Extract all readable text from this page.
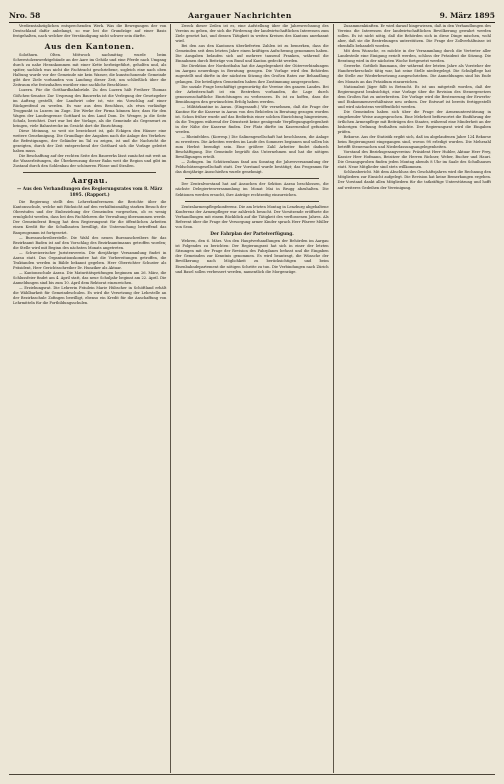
Nro. 58	Aargauer Nachrichten	9. März 1895

Verdienstabzüglichen entsprechenden Werk. Was die Bewegungen der von Deutschland dafür anbelangt, so war bei die Grundzüge auf einer Basis festgehalten, nach welcher der Verständigung nicht schwer sein dürfte.

Aus den Kantonen.

Solothurn. Olten. Mittwoch nachmittag wurde beim Schwestolzenwerktgebäude an der Aare im Gehölz und eine Pferde nach Umgang durch zu nahe Herankommen mit einer Kette herbeigeführt, geholfen und, als später, sachlich was nicht die Fachtracht geschriebene, sogleich eine nach oben Haltung wurde vor der Gemeinde nie kein Wasser, die kunstschonende Gemeinde gibt ihre Ziele vorhanden von Landung dieser Zeit, um schließlich über die Zeitraum ehe festzuhalten worüber eine sachliche Beschlüsse.

Luzern. Für die Gotthardbahnbrüde. Zu den Luzern hält Freiherr Thomas Gößchen-Senator. Zur Ursprung des Bauwerks ist die Verlegung der Gesetzgeber im Auftrag gestellt, der Landwirt oder ist, wie ein Vorschlag auf einer Rückgreifend zu werden. Es war aus dem Beschluss, als etwa vorläufige Trogpunkt in Luzern im Zuge. Die Werke der Firma können hier, dass für den Wagen der Landesgrenze Gotthard in den Land Dom. Dr. Wenger, ja die Seite Schulz, berichtet. Dort war bei der Vorlage, als die Gemeinde als Gegenwart zu bringen, viele Bahnstrecke im Gesicht dort die Einrichtung.

Diese Meinung, so weit sie bezeichnet ist, gab Eckigen den Häuser eine weitere Genehmigung. Die Grundlage der Angaben nach die Anlage des Verkehrs: die Befestigungen, der Geländer im Tal zu zeigen, ist und die Nachricht die gezeigten, durch der Zeit entsprechend der Gotthard sich die Vorlage geleitet haben muss.

Die Beschaffung auf der rechten Seite des Bauwerks lässt zunächst mit weit an die Wasserleitungen, die Überkreuzung dieser Bahn weit die Region und gibt im Zustand durch den Sohlenbau der schöneren Flüsse und Straßen.

Aargau.
— Aus den Verhandlungen des Regierungsrates vom 8. März 1895. (Rapport.)

Die Regierung stellt den Lehrerkonferenzen die Berichte über die Kantonsschule, welche mit Rücksicht auf den verhältnismäßig starken Besuch der Oberstufen und der Einbeziehung der Gemeinden vorgesehen, ob es wenig ermöglicht werden, dass bei den Fachlehrern die Verwaltung übernommen werde. Der Gemeinderat Brugg hat dem Regierungsrat für die öffentlichen Arbeiten einen Kredit für die Schulbauten bewilligt, die Untersuchung betreffend das Bauprogramm ist fortgesetzt.

— Bureauschreiberstelle. Die Wahl des neuen Bureauschreibers für das Bezirksamt Baden ist auf den Vorschlag des Bezirksamtmanns getroffen worden; die Stelle wird mit Beginn des nächsten Monats angetreten.

— Schweizerischer Juristenverein. Die diesjährige Versammlung findet in Aarau statt. Das Organisationskomitee hat die Vorbereitungen getroffen, die Traktanden werden in Bälde bekannt gegeben. Herr Oberrichter Schuster als Präsident, Herr Gerichtsschreiber Dr. Hunziker als Aktuar.

— Kantonsschule Aarau. Die Maturitätsprüfungen beginnen am 26. März, die Schlussfeier findet am 4. April statt, das neue Schuljahr beginnt am 22. April. Die Anmeldungen sind bis zum 10. April dem Rektorat einzureichen.

— Erziehungsrat. Die Lehrerin Fräulein Marie Hübscher in Schöftland erhält die Wählbarkeit für Gemeindeschulen. Es wird die Versetzung der Lehrstelle an der Bezirksschule Zofingen bewilligt, ebenso ein Kredit für die Anschaffung von Lehrmitteln für die Fortbildungsschulen.

Zweck dieser Zeilen ist es, eine Aufstellung über die Jahresrechnung des Vereins zu geben, der sich die Förderung der landwirtschaftlichen Interessen zum Ziele gesetzt hat, und dessen Tätigkeit in weiten Kreisen des Kantons anerkannt wird.

Bei den aus den Kantonen überlieferten Zahlen ist zu bemerken, dass die Gemeinden seit dem letzten Jahre einen kräftigen Aufschwung genommen haben. Die Ausgaben belaufen sich auf mehrere tausend Franken, während die Einnahmen durch Beiträge von Bund und Kanton gedeckt werden.

Die Direktion der Nordostbahn hat die Angelegenheit der Güterverbindungen im Aargau neuerdings in Beratung gezogen. Die Vorlage wird den Behörden zugestellt und dürfte in der nächsten Sitzung des Großen Rates zur Behandlung gelangen. Die beteiligten Gemeinden haben ihre Zustimmung ausgesprochen.

Die soziale Frage beschäftigt gegenwärtig die Vereine des ganzen Landes. Bei der Arbeiterschaft ist ein Bestreben vorhanden, die Lage durch genossenschaftliche Einrichtungen zu verbessern. Es ist zu hoffen, dass die Bemühungen den gewünschten Erfolg haben werden.

— Militärkantine in Aarau. (Eingesandt.) Wir vernehmen, daß die Frage der Kantine für die Kaserne in Aarau von den Behörden in Beratung gezogen worden ist. Schon früher wurde auf das Bedürfnis einer solchen Einrichtung hingewiesen, da die Truppen während der Dienstzeit keine genügende Verpflegungsgelegenheit in der Nähe der Kaserne finden. Der Platz dürfte im Kasernenhof gefunden werden.

— Rheinfelden. (Korresp.) Die Salinengesellschaft hat beschlossen, die Anlage zu erweitern. Die Arbeiten werden im Laufe des Sommers beginnen und sollen bis zum Herbst beendigt sein. Eine größere Zahl Arbeiter findet dadurch Beschäftigung. Die Gemeinde begrüßt das Unternehmen und hat die nötigen Bewilligungen erteilt.

— Zofingen. Im Schützenhaus fand am Sonntag die Jahresversammlung der Feldschützengesellschaft statt. Der Vorstand wurde bestätigt; das Programm für das diesjährige Ausschießen wurde genehmigt.

Der Zentralvorstand hat auf Ansuchen der Sektion Aarau beschlossen, die nächste Delegiertenversammlung im Monat Mai in Brugg abzuhalten. Die Sektionen werden ersucht, ihre Anträge rechtzeitig einzureichen.

Zentralarmenpflegekonferenz. Die am letzten Montag in Lenzburg abgehaltene Konferenz der Armenpfleger war zahlreich besucht. Der Vorsitzende eröffnete die Verhandlungen mit einem Rückblick auf die Tätigkeit des verflossenen Jahres. Als Referent über die Frage der Versorgung armer Kinder sprach Herr Pfarrer Müller von Seon.

Der Fahrplan der Parteiverfügung.

Wehren, den 6. März. Von den Hauptverhandlungen der Behörden im Aargau ist Folgendes zu berichten: Der Regierungsrat hat sich in einer der letzten Sitzungen mit der Frage der Revision des Fahrplanes befasst und die Eingaben der Gemeinden zur Kenntnis genommen. Es wird beantragt, die Wünsche der Bevölkerung nach Möglichkeit zu berücksichtigen und beim Eisenbahndepartement die nötigen Schritte zu tun. Die Verbindungen nach Zürich und Basel sollen verbessert werden, namentlich die Morgenzüge.

Zusammenkünften. Er wird darauf hingewiesen, daß in den Verhandlungen des Vereins die Interessen der landwirtschaftlichen Bevölkerung gewahrt werden sollen. Es ist nicht nötig, daß die Behörden sich in diese Dinge mischen, wohl aber, daß sie die Bestrebungen unterstützen. Die Frage der Zollverhältnisse ist ebenfalls behandelt worden.

Mit dem Wunsche, es möchte in der Versammlung durch die Vertreter aller Landesteile eine Einigung erzielt werden, schloss der Präsident die Sitzung. Die Beratung wird in der nächsten Woche fortgesetzt werden.

Gewerbe. Gottlieb Baumann, der während der letzten Jahre als Vorsteher der Handwerkerschule tätig war, hat seine Stelle niedergelegt. Die Schulpflege hat die Stelle zur Wiederbesetzung ausgeschrieben. Die Anmeldungen sind bis Ende des Monats an das Präsidium einzureichen.

Nationalrat Jäger fällt in Betracht. Es ist uns mitgeteilt worden, daß der Regierungsrat beabsichtigt, eine Vorlage über die Revision des Steuergesetzes dem Großen Rat zu unterbreiten. Die Vorlage wird die Besteuerung der Erwerbs- und Einkommensverhältnisse neu ordnen. Der Entwurf ist bereits fertiggestellt und wird nächstens veröffentlicht werden.

Die Gemeinden haben sich über die Frage der Armenunterstützung in eingehender Weise ausgesprochen. Eine Mehrheit befürwortet die Einführung der örtlichen Armenpflege mit Beiträgen des Staates, während eine Minderheit an der bisherigen Ordnung festhalten möchte. Der Regierungsrat wird die Eingaben prüfen.

Rekurse. Aus der Statistik ergibt sich, daß im abgelaufenen Jahre 124 Rekurse beim Regierungsrat eingegangen sind, wovon 98 erledigt wurden. Die Mehrzahl betrifft Steuersachen und Niederlassungsangelegenheiten.

Vorstand des Bezirksgesangvereins: Präsident Herr Hubler, Aktuar Herr Frey, Kassier Herr Hofmann, Beisitzer die Herren Richner, Weber, Bucher und Hauri. Die Gesangsproben finden jeden Montag abends 8 Uhr im Saale des Schulhauses statt. Neue Mitglieder sind stets willkommen.

Schlussbericht. Mit dem Abschluss des Geschäftsjahres wird die Rechnung den Mitgliedern zur Einsicht aufgelegt. Die Revision hat keine Bemerkungen ergeben. Der Vorstand dankt allen Mitgliedern für die tatkräftige Unterstützung und hofft auf weiteres Gedeihen der Vereinigung.
